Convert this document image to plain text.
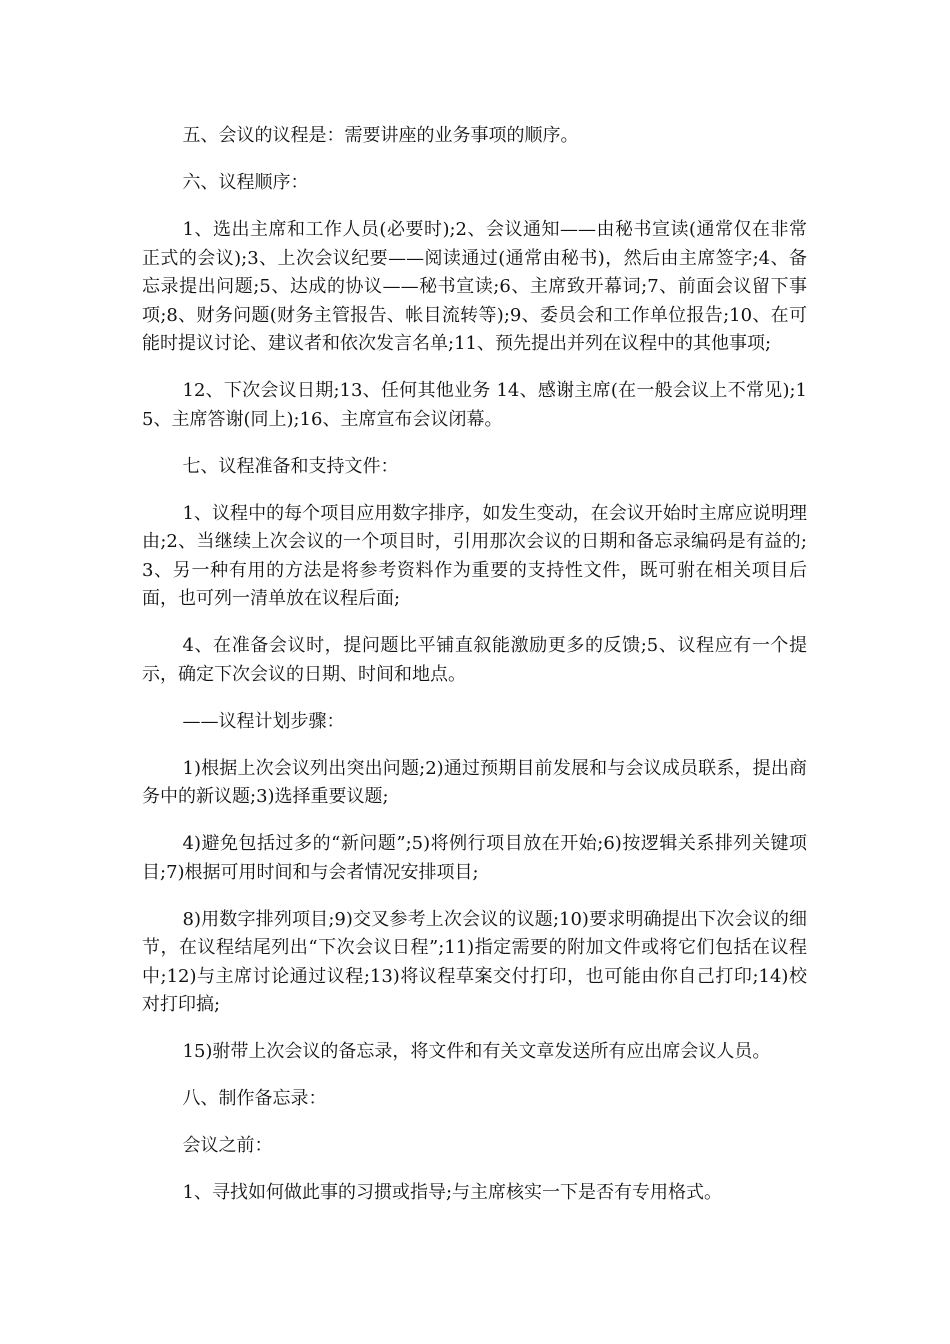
五、会议的议程是：需要讲座的业务事项的顺序。

六、议程顺序：

1、选出主席和工作人员(必要时);2、会议通知——由秘书宣读(通常仅在非常正式的会议);3、上次会议纪要——阅读通过(通常由秘书)，然后由主席签字;4、备忘录提出问题;5、达成的协议——秘书宣读;6、主席致开幕词;7、前面会议留下事项;8、财务问题(财务主管报告、帐目流转等);9、委员会和工作单位报告;10、在可能时提议讨论、建议者和依次发言名单;11、预先提出并列在议程中的其他事项;

12、下次会议日期;13、任何其他业务 14、感谢主席(在一般会议上不常见);15、主席答谢(同上);16、主席宣布会议闭幕。

七、议程准备和支持文件：

1、议程中的每个项目应用数字排序，如发生变动，在会议开始时主席应说明理由;2、当继续上次会议的一个项目时，引用那次会议的日期和备忘录编码是有益的;3、另一种有用的方法是将参考资料作为重要的支持性文件，既可驸在相关项目后面，也可列一清单放在议程后面;

4、在准备会议时，提问题比平铺直叙能激励更多的反馈;5、议程应有一个提示，确定下次会议的日期、时间和地点。

——议程计划步骤：

1)根据上次会议列出突出问题;2)通过预期目前发展和与会议成员联系，提出商务中的新议题;3)选择重要议题;

4)避免包括过多的“新问题”;5)将例行项目放在开始;6)按逻辑关系排列关键项目;7)根据可用时间和与会者情况安排项目;

8)用数字排列项目;9)交叉参考上次会议的议题;10)要求明确提出下次会议的细节，在议程结尾列出“下次会议日程”;11)指定需要的附加文件或将它们包括在议程中;12)与主席讨论通过议程;13)将议程草案交付打印，也可能由你自己打印;14)校对打印搞;

15)驸带上次会议的备忘录，将文件和有关文章发送所有应出席会议人员。

八、制作备忘录：

会议之前：

1、寻找如何做此事的习掼或指导;与主席核实一下是否有专用格式。
